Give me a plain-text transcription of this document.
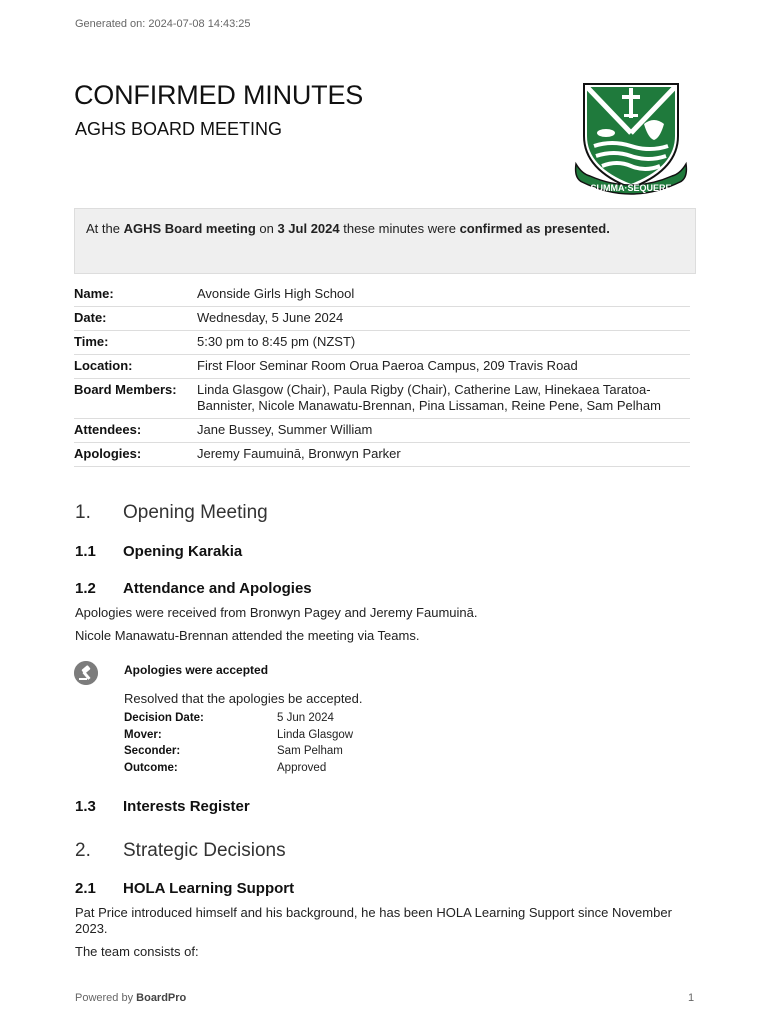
Generated on: 2024-07-08 14:43:25
CONFIRMED MINUTES
AGHS BOARD MEETING
SUMMA·SEQUERE
At the AGHS Board meeting on 3 Jul 2024 these minutes were confirmed as presented.
Name:	Avonside Girls High School
Date:	Wednesday, 5 June 2024
Time:	5:30 pm to 8:45 pm (NZST)
Location:	First Floor Seminar Room Orua Paeroa Campus, 209 Travis Road
Board Members:	Linda Glasgow (Chair), Paula Rigby (Chair), Catherine Law, Hinekaea Taratoa-Bannister, Nicole Manawatu-Brennan, Pina Lissaman, Reine Pene, Sam Pelham
Attendees:	Jane Bussey, Summer William
Apologies:	Jeremy Faumuinā, Bronwyn Parker
1. Opening Meeting
1.1 Opening Karakia
1.2 Attendance and Apologies
Apologies were received from Bronwyn Pagey and Jeremy Faumuinā.
Nicole Manawatu-Brennan attended the meeting via Teams.
Apologies were accepted
Resolved that the apologies be accepted.
Decision Date:	5 Jun 2024
Mover:	Linda Glasgow
Seconder:	Sam Pelham
Outcome:	Approved
1.3 Interests Register
2. Strategic Decisions
2.1 HOLA Learning Support
Pat Price introduced himself and his background, he has been HOLA Learning Support since November 2023.
The team consists of:
Powered by BoardPro	1
